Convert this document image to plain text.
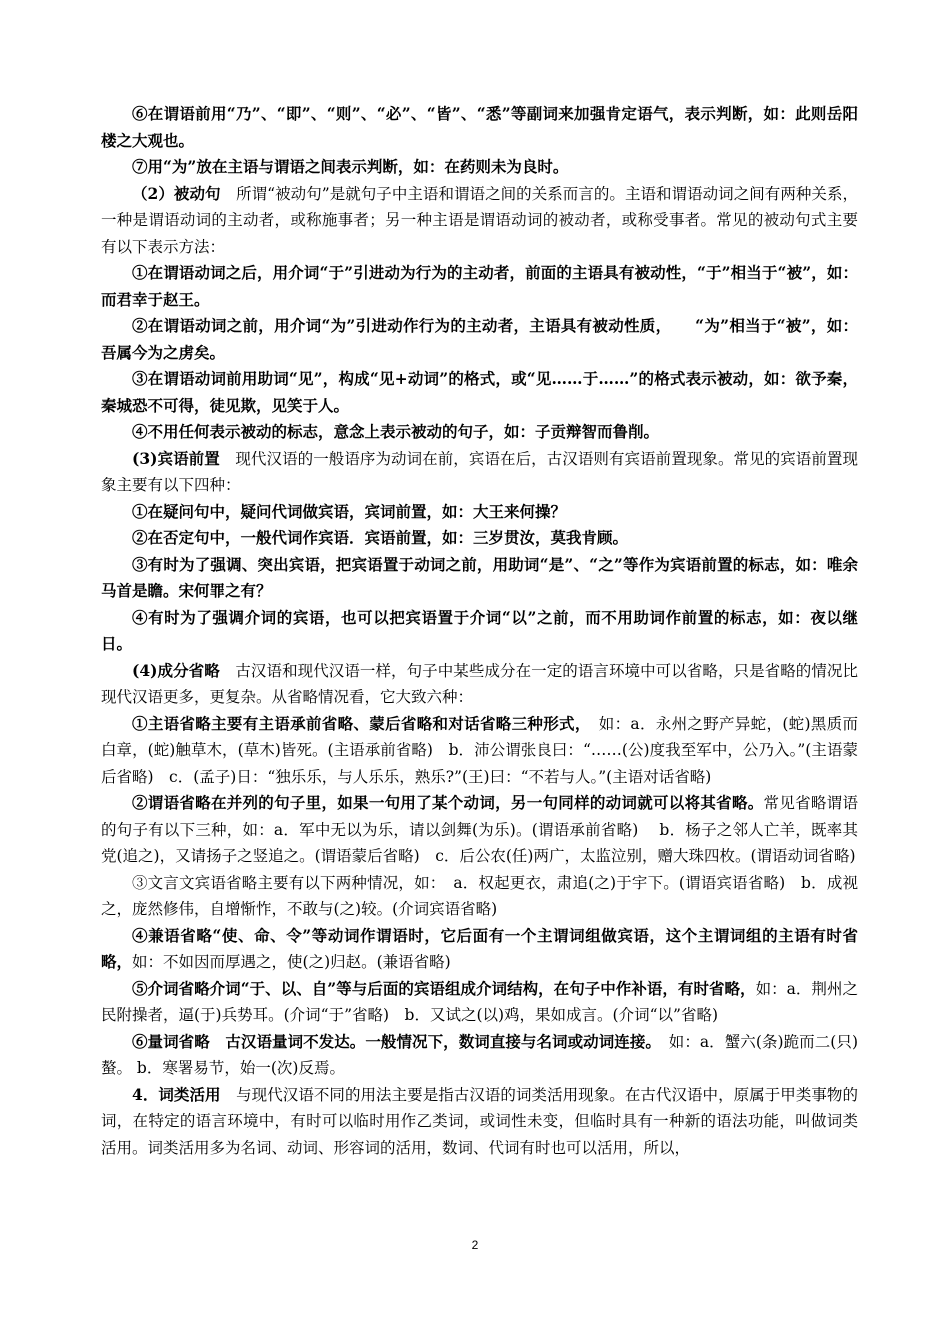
⑥在谓语前用“乃”、“即”、“则”、“必”、“皆”、“悉”等副词来加强肯定语气，表示判断，如：此则岳阳楼之大观也。

⑦用“为”放在主语与谓语之间表示判断，如：在药则未为良时。

（2）被动句　所谓“被动句”是就句子中主语和谓语之间的关系而言的。主语和谓语动词之间有两种关系，一种是谓语动词的主动者，或称施事者；另一种主语是谓语动词的被动者，或称受事者。常见的被动句式主要有以下表示方法：

①在谓语动词之后，用介词“于”引进动为行为的主动者，前面的主语具有被动性，“于”相当于“被”，如：而君幸于赵王。

②在谓语动词之前，用介词“为”引进动作行为的主动者，主语具有被动性质，　　“为”相当于“被”，如：吾属今为之虏矣。

③在谓语动词前用助词“见”，构成“见+动词”的格式，或“见……于……”的格式表示被动，如：欲予秦，秦城恐不可得，徒见欺，见笑于人。

④不用任何表示被动的标志，意念上表示被动的句子，如：子贡辩智而鲁削。

(3)宾语前置　现代汉语的一般语序为动词在前，宾语在后，古汉语则有宾语前置现象。常见的宾语前置现象主要有以下四种：

①在疑问句中，疑问代词做宾语，宾词前置，如：大王来何操？

②在否定句中，一般代词作宾语．宾语前置，如：三岁贯汝，莫我肯顾。

③有时为了强调、突出宾语，把宾语置于动词之前，用助词“是”、“之”等作为宾语前置的标志，如：唯余马首是瞻。宋何罪之有？

④有时为了强调介词的宾语，也可以把宾语置于介词“以”之前，而不用助词作前置的标志，如：夜以继日。

(4)成分省略　古汉语和现代汉语一样，句子中某些成分在一定的语言环境中可以省略，只是省略的情况比现代汉语更多，更复杂。从省略情况看，它大致六种：

①主语省略主要有主语承前省略、蒙后省略和对话省略三种形式，　如：a．永州之野产异蛇，(蛇)黑质而白章，(蛇)触草木，(草木)皆死。(主语承前省略)　b．沛公谓张良曰：“……(公)度我至军中，公乃入。”(主语蒙后省略)　c．(孟子)日：“独乐乐，与人乐乐，熟乐?”(王)曰：“不若与人。”(主语对话省略)

②谓语省略在并列的句子里，如果一句用了某个动词，另一句同样的动词就可以将其省略。常见省略谓语的句子有以下三种，如：a．军中无以为乐，请以剑舞(为乐)。(谓语承前省略)　 b．杨子之邻人亡羊，既率其党(追之)，又请扬子之竖追之。(谓语蒙后省略)　c．后公农(任)两广，太监泣别，赠大珠四枚。(谓语动词省略)

③文言文宾语省略主要有以下两种情况，如：　a．权起更衣，肃追(之)于宇下。(谓语宾语省略)　b．成视之，庞然修伟，自增惭怍，不敢与(之)较。(介词宾语省略)

④兼语省略“使、命、令”等动词作谓语时，它后面有一个主谓词组做宾语，这个主谓词组的主语有时省略，如：不如因而厚遇之，使(之)归赵。(兼语省略)

⑤介词省略介词“于、以、自”等与后面的宾语组成介词结构，在句子中作补语，有时省略，如：a．荆州之民附操者，逼(于)兵势耳。(介词“于”省略)　b．又试之(以)鸡，果如成言。(介词“以”省略)

⑥量词省略　古汉语量词不发达。一般情况下，数词直接与名词或动词连接。　如：a．蟹六(条)跪而二(只)螯。 b．寒署易节，始一(次)反焉。

4．词类活用　与现代汉语不同的用法主要是指古汉语的词类活用现象。在古代汉语中，原属于甲类事物的词，在特定的语言环境中，有时可以临时用作乙类词，或词性未变，但临时具有一种新的语法功能，叫做词类活用。词类活用多为名词、动词、形容词的活用，数词、代词有时也可以活用，所以，

2
